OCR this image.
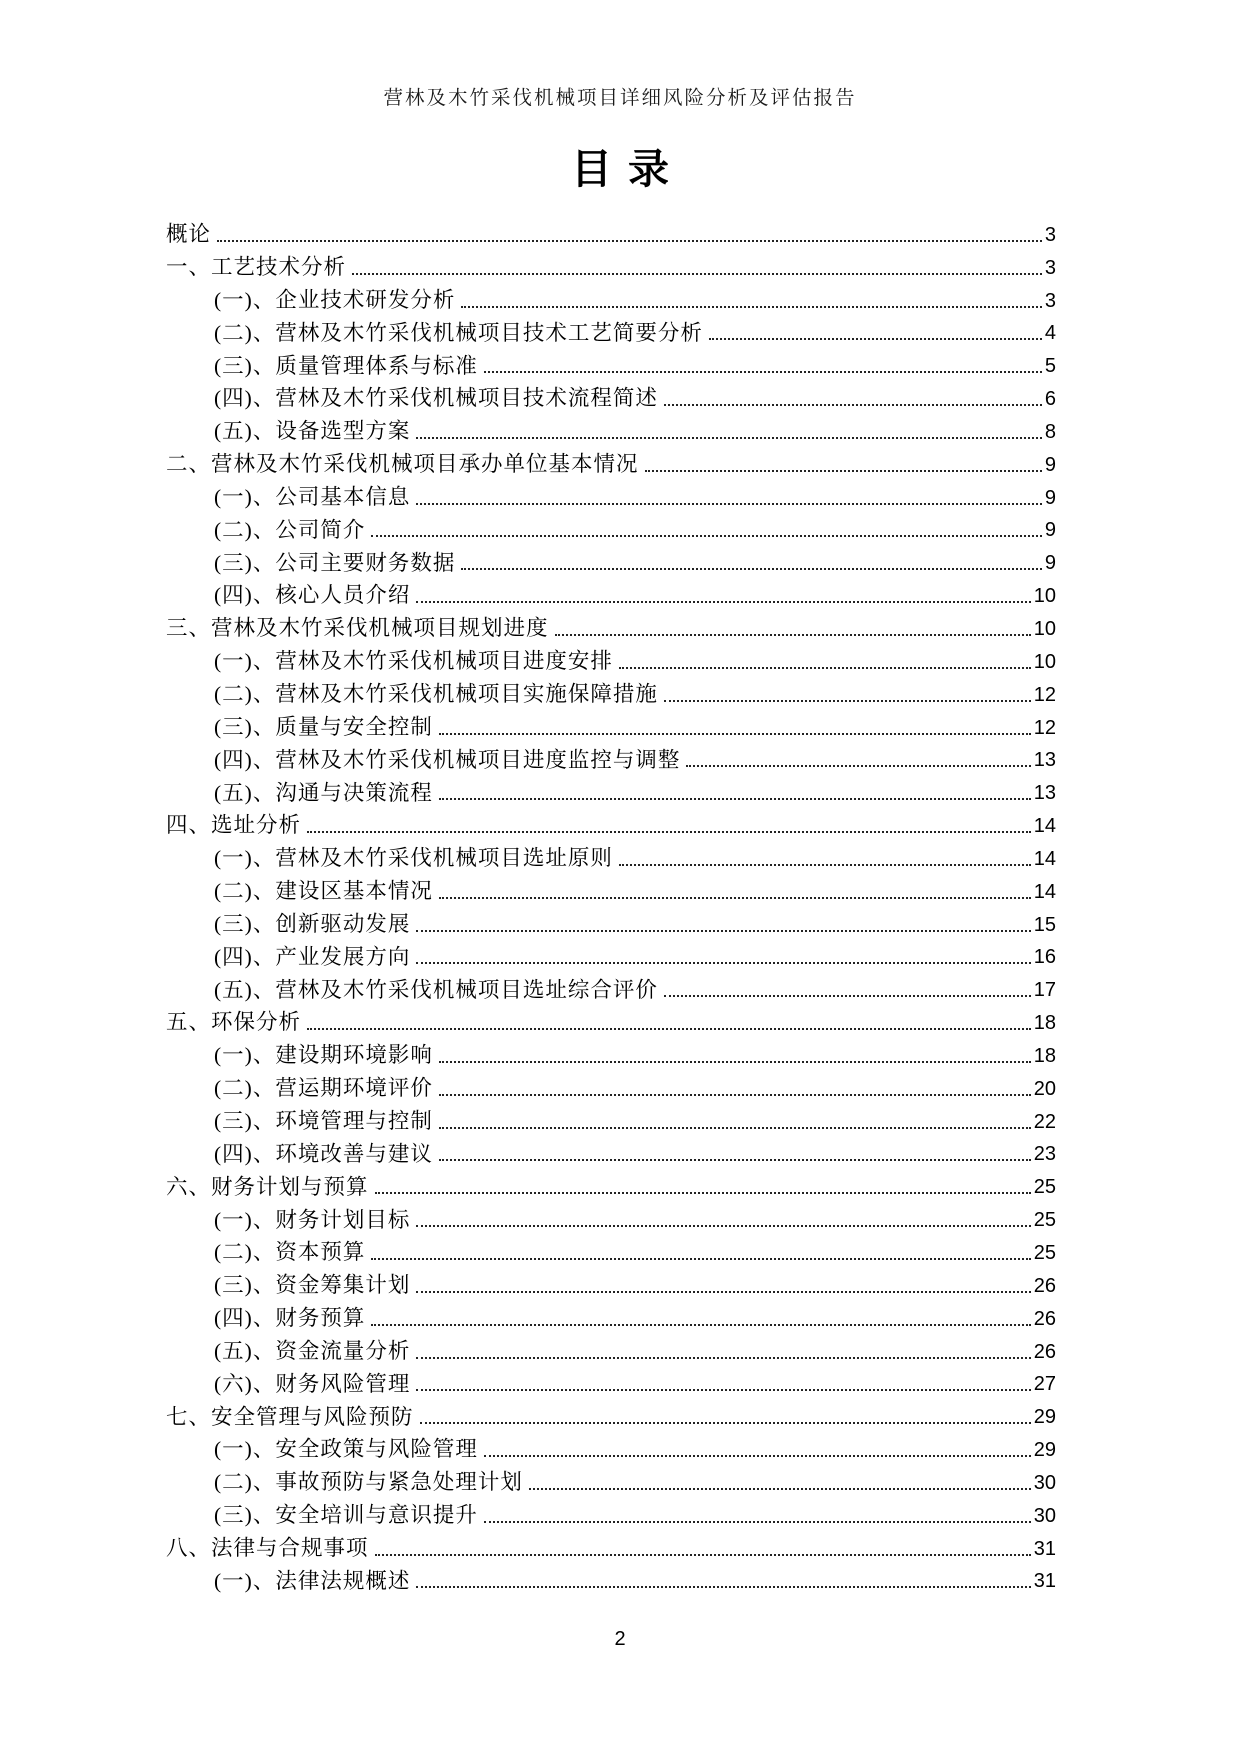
营林及木竹采伐机械项目详细风险分析及评估报告
目录
概论	3
一、工艺技术分析	3
(一)、企业技术研发分析	3
(二)、营林及木竹采伐机械项目技术工艺简要分析	4
(三)、质量管理体系与标准	5
(四)、营林及木竹采伐机械项目技术流程简述	6
(五)、设备选型方案	8
二、营林及木竹采伐机械项目承办单位基本情况	9
(一)、公司基本信息	9
(二)、公司简介	9
(三)、公司主要财务数据	9
(四)、核心人员介绍	10
三、营林及木竹采伐机械项目规划进度	10
(一)、营林及木竹采伐机械项目进度安排	10
(二)、营林及木竹采伐机械项目实施保障措施	12
(三)、质量与安全控制	12
(四)、营林及木竹采伐机械项目进度监控与调整	13
(五)、沟通与决策流程	13
四、选址分析	14
(一)、营林及木竹采伐机械项目选址原则	14
(二)、建设区基本情况	14
(三)、创新驱动发展	15
(四)、产业发展方向	16
(五)、营林及木竹采伐机械项目选址综合评价	17
五、环保分析	18
(一)、建设期环境影响	18
(二)、营运期环境评价	20
(三)、环境管理与控制	22
(四)、环境改善与建议	23
六、财务计划与预算	25
(一)、财务计划目标	25
(二)、资本预算	25
(三)、资金筹集计划	26
(四)、财务预算	26
(五)、资金流量分析	26
(六)、财务风险管理	27
七、安全管理与风险预防	29
(一)、安全政策与风险管理	29
(二)、事故预防与紧急处理计划	30
(三)、安全培训与意识提升	30
八、法律与合规事项	31
(一)、法律法规概述	31
2
